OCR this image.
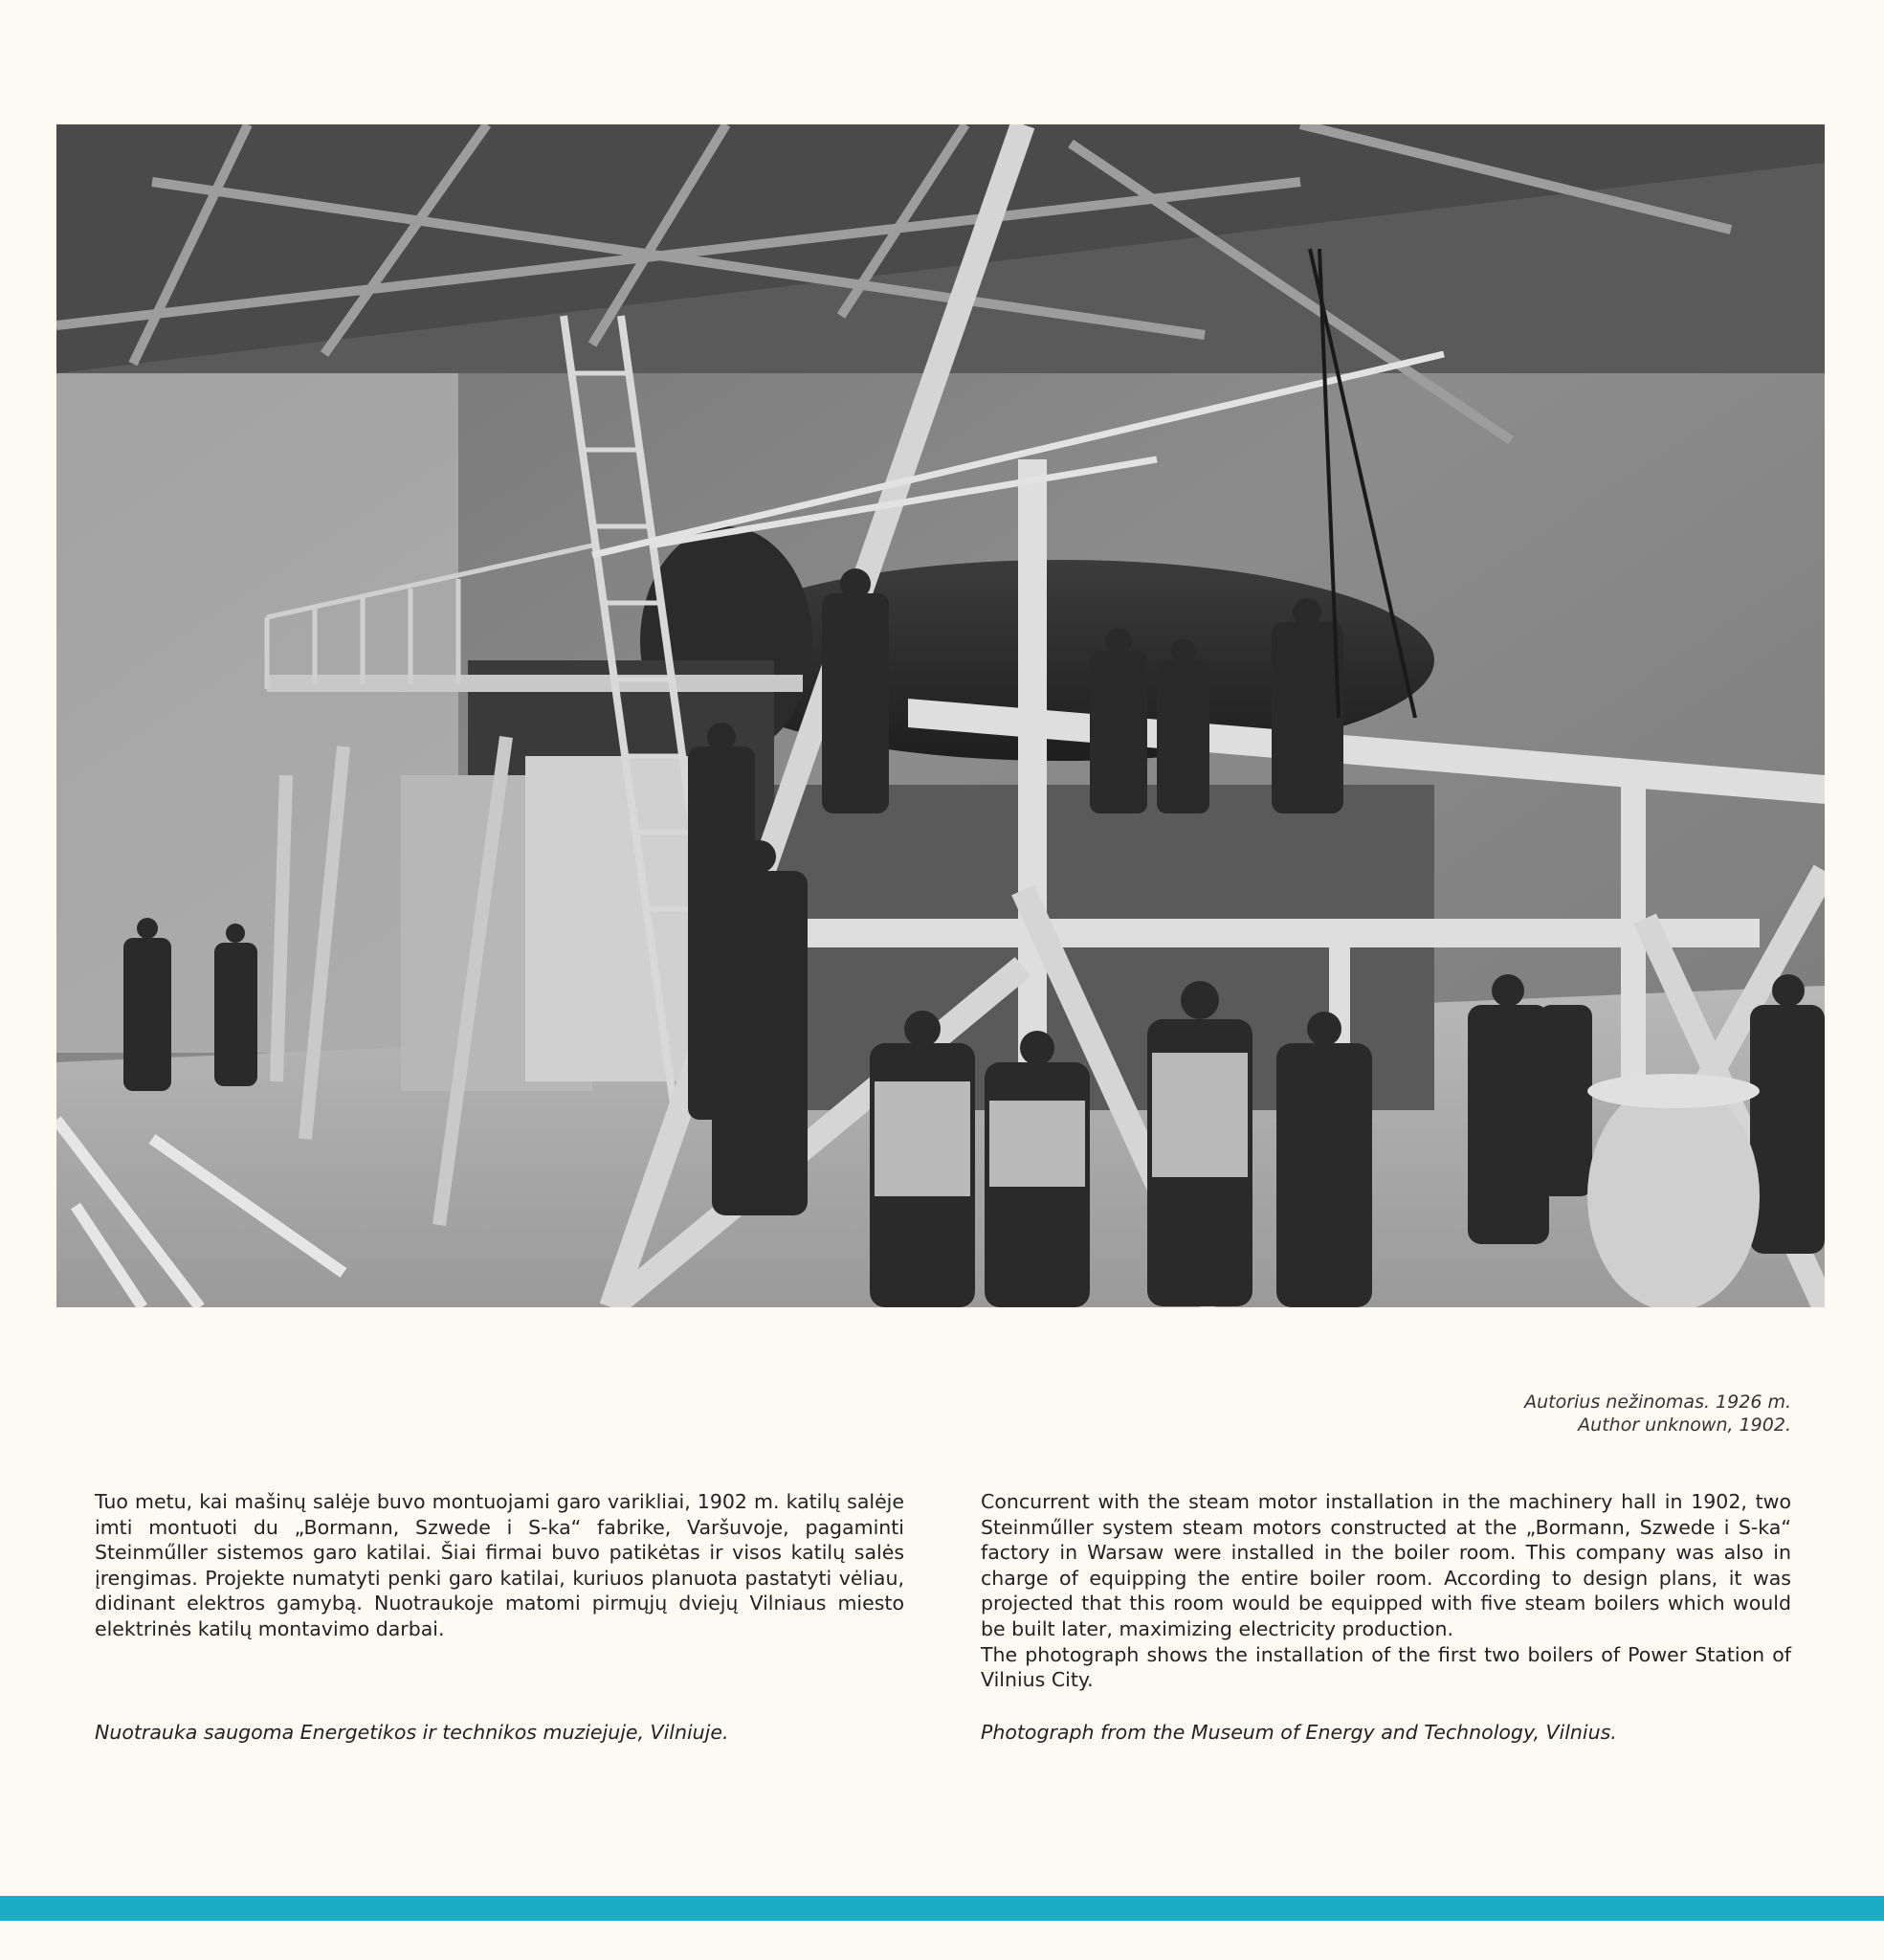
Autorius nežinomas. 1926 m.
Author unknown, 1902.

Tuo metu, kai mašinų salėje buvo montuojami garo varikliai, 1902 m. katilų salėje imti montuoti du „Bormann, Szwede i S-ka“ fabrike, Varšuvoje, pagaminti Steinműller sistemos garo katilai. Šiai firmai buvo patikėtas ir visos katilų salės įrengimas. Projekte numatyti penki garo katilai, kuriuos planuota pastatyti vėliau, didinant elektros gamybą. Nuotraukoje matomi pirmųjų dviejų Vilniaus miesto elektrinės katilų montavimo darbai.

Concurrent with the steam motor installation in the machinery hall in 1902, two Steinműller system steam motors constructed at the „Bormann, Szwede i S-ka“ factory in Warsaw were installed in the boiler room. This company was also in charge of equipping the entire boiler room. According to design plans, it was projected that this room would be equipped with five steam boilers which would be built later, maximizing electricity production.

The photograph shows the installation of the first two boilers of Power Station of Vilnius City.

Nuotrauka saugoma Energetikos ir technikos muziejuje, Vilniuje.	Photograph from the Museum of Energy and Technology, Vilnius.
